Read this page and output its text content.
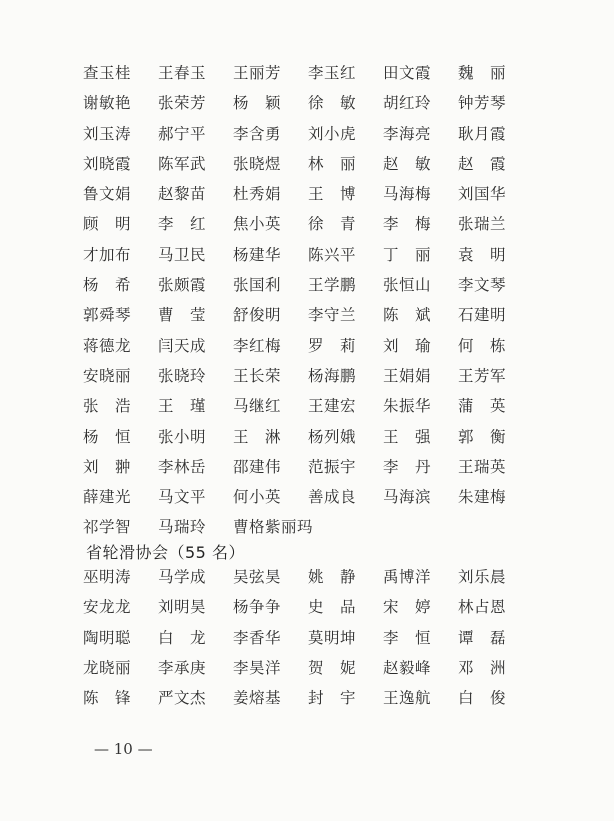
查玉桂	王春玉	王丽芳	李玉红	田文霞	魏　丽
谢敏艳	张荣芳	杨　颖	徐　敏	胡红玲	钟芳琴
刘玉涛	郝宁平	李含勇	刘小虎	李海亮	耿月霞
刘晓霞	陈军武	张晓煜	林　丽	赵　敏	赵　霞
鲁文娟	赵黎苗	杜秀娟	王　博	马海梅	刘国华
顾　明	李　红	焦小英	徐　青	李　梅	张瑞兰
才加布	马卫民	杨建华	陈兴平	丁　丽	袁　明
杨　希	张颇霞	张国利	王学鹏	张恒山	李文琴
郭舜琴	曹　莹	舒俊明	李守兰	陈　斌	石建明
蒋德龙	闫天成	李红梅	罗　莉	刘　瑜	何　栋
安晓丽	张晓玲	王长荣	杨海鹏	王娟娟	王芳军
张　浩	王　瑾	马继红	王建宏	朱振华	蒲　英
杨　恒	张小明	王　淋	杨列娥	王　强	郭　衡
刘　翀	李林岳	邵建伟	范振宇	李　丹	王瑞英
薛建光	马文平	何小英	善成良	马海滨	朱建梅
祁学智	马瑞玲	曹格紫丽玛
省轮滑协会（55 名）
巫明涛	马学成	吴弦昊	姚　静	禹博洋	刘乐晨
安龙龙	刘明昊	杨争争	史　品	宋　婷	林占恩
陶明聪	白　龙	李香华	莫明坤	李　恒	谭　磊
龙晓丽	李承庚	李昊洋	贺　妮	赵毅峰	邓　洲
陈　锋	严文杰	姜熔基	封　宇	王逸航	白　俊
— 10 —
